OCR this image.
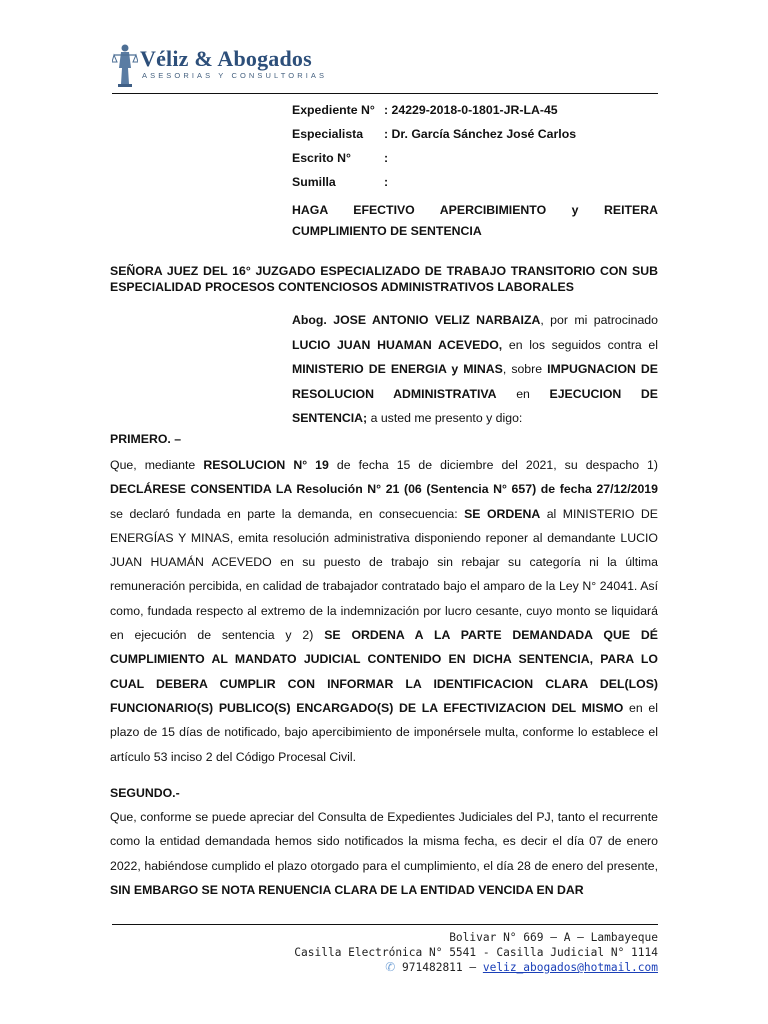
Véliz & Abogados
ASESORIAS Y CONSULTORIAS
Expediente N° : 24229-2018-0-1801-JR-LA-45
Especialista : Dr. García Sánchez José Carlos
Escrito N°	:
Sumilla	:
HAGA EFECTIVO APERCIBIMIENTO y REITERA
CUMPLIMIENTO DE SENTENCIA
SEÑORA JUEZ DEL 16° JUZGADO ESPECIALIZADO DE TRABAJO TRANSITORIO CON SUB ESPECIALIDAD PROCESOS CONTENCIOSOS ADMINISTRATIVOS LABORALES
Abog. JOSE ANTONIO VELIZ NARBAIZA, por mi patrocinado LUCIO JUAN HUAMAN ACEVEDO, en los seguidos contra el MINISTERIO DE ENERGIA y MINAS, sobre IMPUGNACION DE RESOLUCION ADMINISTRATIVA en EJECUCION DE SENTENCIA; a usted me presento y digo:
PRIMERO. –
Que, mediante RESOLUCION N° 19 de fecha 15 de diciembre del 2021, su despacho 1) DECLÁRESE CONSENTIDA LA Resolución N° 21 (06 (Sentencia N° 657) de fecha 27/12/2019 se declaró fundada en parte la demanda, en consecuencia: SE ORDENA al MINISTERIO DE ENERGÍAS Y MINAS, emita resolución administrativa disponiendo reponer al demandante LUCIO JUAN HUAMÁN ACEVEDO en su puesto de trabajo sin rebajar su categoría ni la última remuneración percibida, en calidad de trabajador contratado bajo el amparo de la Ley N° 24041. Así como, fundada respecto al extremo de la indemnización por lucro cesante, cuyo monto se liquidará en ejecución de sentencia y 2) SE ORDENA A LA PARTE DEMANDADA QUE DÉ CUMPLIMIENTO AL MANDATO JUDICIAL CONTENIDO EN DICHA SENTENCIA, PARA LO CUAL DEBERA CUMPLIR CON INFORMAR LA IDENTIFICACION CLARA DEL(LOS) FUNCIONARIO(S) PUBLICO(S) ENCARGADO(S) DE LA EFECTIVIZACION DEL MISMO en el plazo de 15 días de notificado, bajo apercibimiento de imponérsele multa, conforme lo establece el artículo 53 inciso 2 del Código Procesal Civil.
SEGUNDO.-
Que, conforme se puede apreciar del Consulta de Expedientes Judiciales del PJ, tanto el recurrente como la entidad demandada hemos sido notificados la misma fecha, es decir el día 07 de enero 2022, habiéndose cumplido el plazo otorgado para el cumplimiento, el día 28 de enero del presente, SIN EMBARGO SE NOTA RENUENCIA CLARA DE LA ENTIDAD VENCIDA EN DAR
Bolivar N° 669 – A – Lambayeque
Casilla Electrónica N° 5541 - Casilla Judicial N° 1114
✆ 971482811 – veliz_abogados@hotmail.com
